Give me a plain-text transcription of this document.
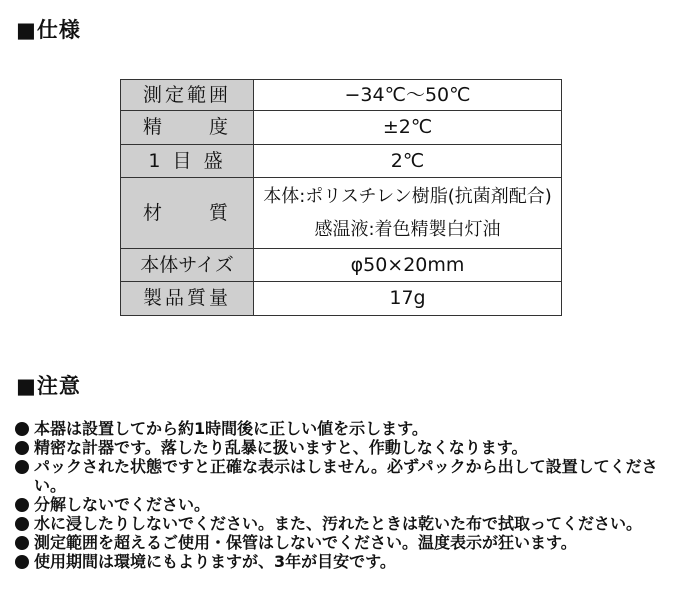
■仕様
測定範囲	−34℃〜50℃
精　　度	±2℃
1 目 盛	2℃
材　　質	本体:ポリスチレン樹脂(抗菌剤配合)
感温液:着色精製白灯油

本体サイズ	φ50×20mm
製品質量	17g
■注意
本器は設置してから約1時間後に正しい値を示します。
精密な計器です。落したり乱暴に扱いますと、作動しなくなります。
パックされた状態ですと正確な表示はしません。必ずパックから出して設置してください。
分解しないでください。
水に浸したりしないでください。また、汚れたときは乾いた布で拭取ってください。
測定範囲を超えるご使用・保管はしないでください。温度表示が狂います。
使用期間は環境にもよりますが、3年が目安です。
